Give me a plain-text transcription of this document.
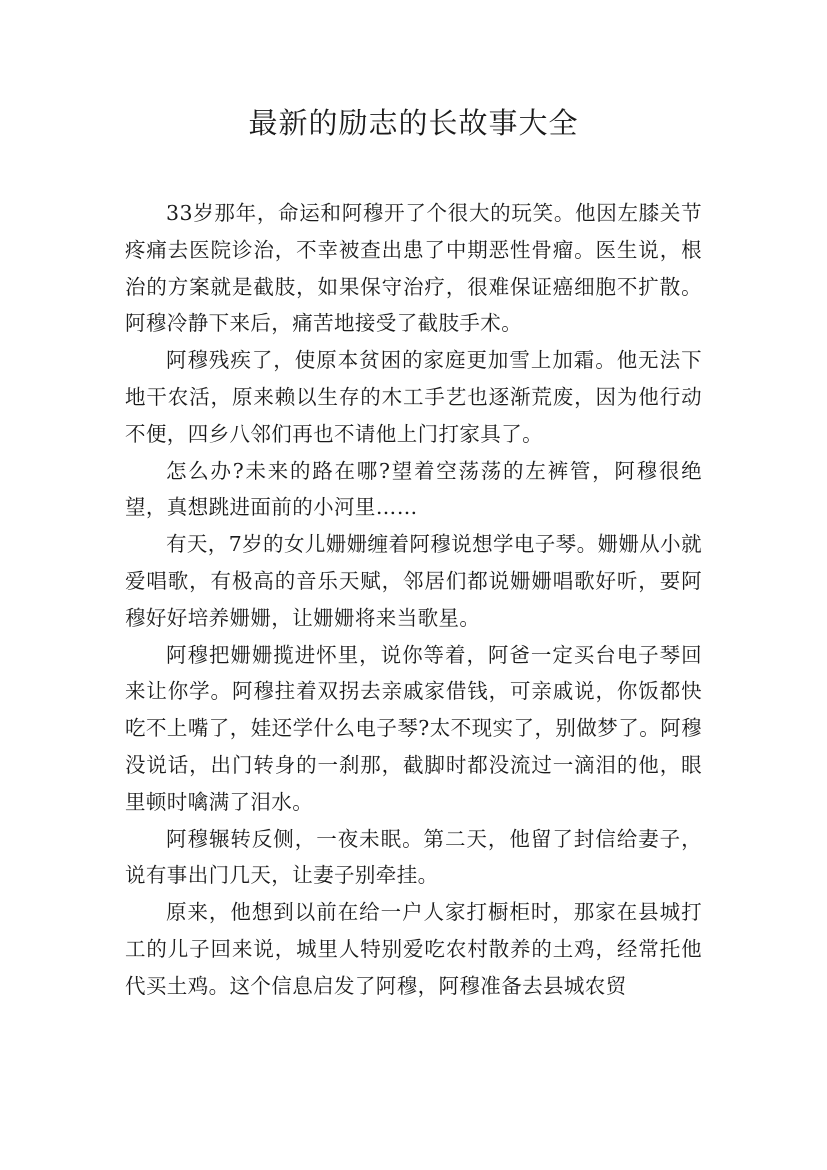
最新的励志的长故事大全

33岁那年，命运和阿穆开了个很大的玩笑。他因左膝关节疼痛去医院诊治，不幸被查出患了中期恶性骨瘤。医生说，根治的方案就是截肢，如果保守治疗，很难保证癌细胞不扩散。阿穆冷静下来后，痛苦地接受了截肢手术。

阿穆残疾了，使原本贫困的家庭更加雪上加霜。他无法下地干农活，原来赖以生存的木工手艺也逐渐荒废，因为他行动不便，四乡八邻们再也不请他上门打家具了。

怎么办?未来的路在哪?望着空荡荡的左裤管，阿穆很绝望，真想跳进面前的小河里……

有天，7岁的女儿姗姗缠着阿穆说想学电子琴。姗姗从小就爱唱歌，有极高的音乐天赋，邻居们都说姗姗唱歌好听，要阿穆好好培养姗姗，让姗姗将来当歌星。

阿穆把姗姗揽进怀里，说你等着，阿爸一定买台电子琴回来让你学。阿穆拄着双拐去亲戚家借钱，可亲戚说，你饭都快吃不上嘴了，娃还学什么电子琴?太不现实了，别做梦了。阿穆没说话，出门转身的一刹那，截脚时都没流过一滴泪的他，眼里顿时噙满了泪水。

阿穆辗转反侧，一夜未眠。第二天，他留了封信给妻子，说有事出门几天，让妻子别牵挂。

原来，他想到以前在给一户人家打橱柜时，那家在县城打工的儿子回来说，城里人特别爱吃农村散养的土鸡，经常托他代买土鸡。这个信息启发了阿穆，阿穆准备去县城农贸
